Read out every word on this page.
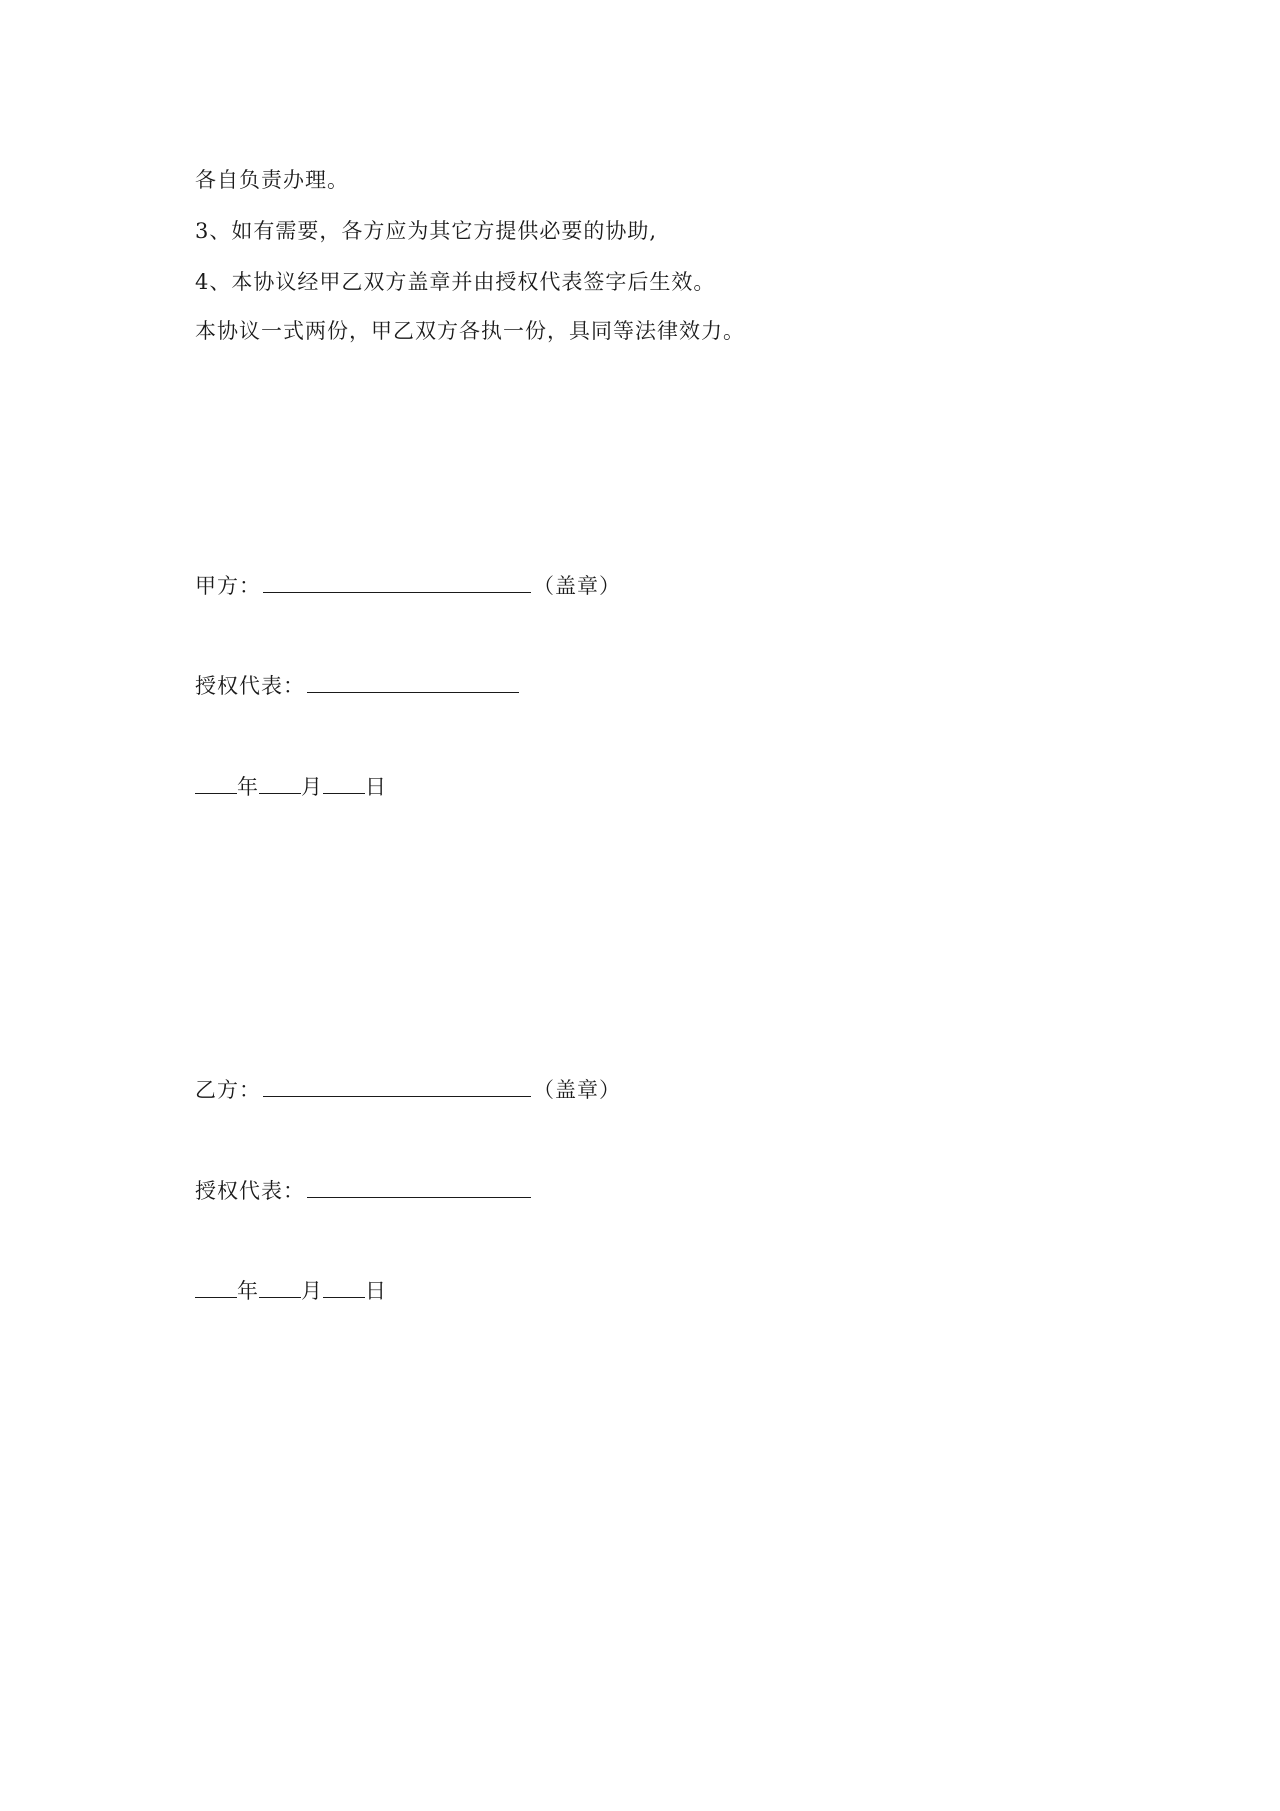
各自负责办理。
3、如有需要，各方应为其它方提供必要的协助,
4、本协议经甲乙双方盖章并由授权代表签字后生效。
本协议一式两份，甲乙双方各执一份，具同等法律效力。
甲方：	（盖章）
授权代表：
年 月 日
乙方：	（盖章）
授权代表：
年 月 日
